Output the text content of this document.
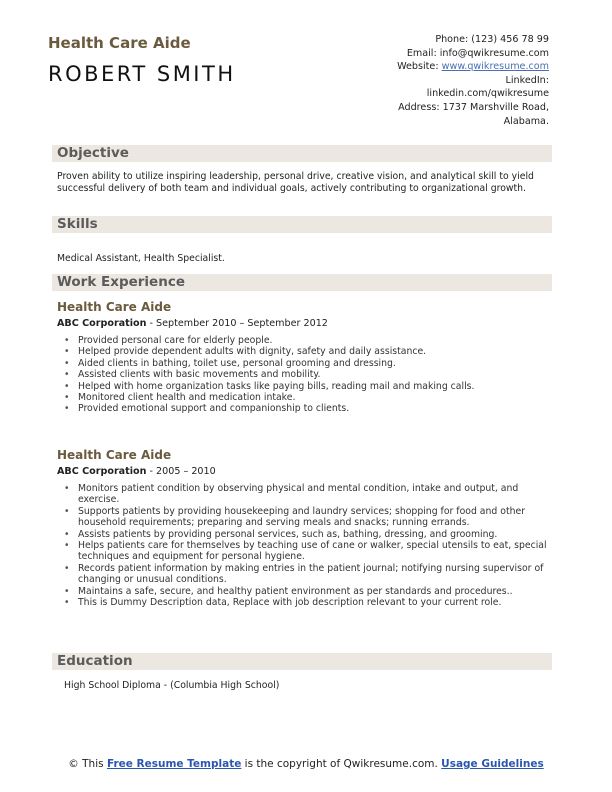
Health Care Aide
ROBERT SMITH
Phone: (123) 456 78 99
Email: info@qwikresume.com
Website: www.qwikresume.com
LinkedIn:
linkedin.com/qwikresume
Address: 1737 Marshville Road,
Alabama.
Objective
Proven ability to utilize inspiring leadership, personal drive, creative vision, and analytical skill to yield successful delivery of both team and individual goals, actively contributing to organizational growth.
Skills
Medical Assistant, Health Specialist.
Work Experience
Health Care Aide
ABC Corporation - September 2010 – September 2012
• Provided personal care for elderly people.
• Helped provide dependent adults with dignity, safety and daily assistance.
• Aided clients in bathing, toilet use, personal grooming and dressing.
• Assisted clients with basic movements and mobility.
• Helped with home organization tasks like paying bills, reading mail and making calls.
• Monitored client health and medication intake.
• Provided emotional support and companionship to clients.
Health Care Aide
ABC Corporation - 2005 – 2010
• Monitors patient condition by observing physical and mental condition, intake and output, and exercise.
• Supports patients by providing housekeeping and laundry services; shopping for food and other household requirements; preparing and serving meals and snacks; running errands.
• Assists patients by providing personal services, such as, bathing, dressing, and grooming.
• Helps patients care for themselves by teaching use of cane or walker, special utensils to eat, special techniques and equipment for personal hygiene.
• Records patient information by making entries in the patient journal; notifying nursing supervisor of changing or unusual conditions.
• Maintains a safe, secure, and healthy patient environment as per standards and procedures..
• This is Dummy Description data, Replace with job description relevant to your current role.
Education
High School Diploma - (Columbia High School)
© This Free Resume Template is the copyright of Qwikresume.com. Usage Guidelines
